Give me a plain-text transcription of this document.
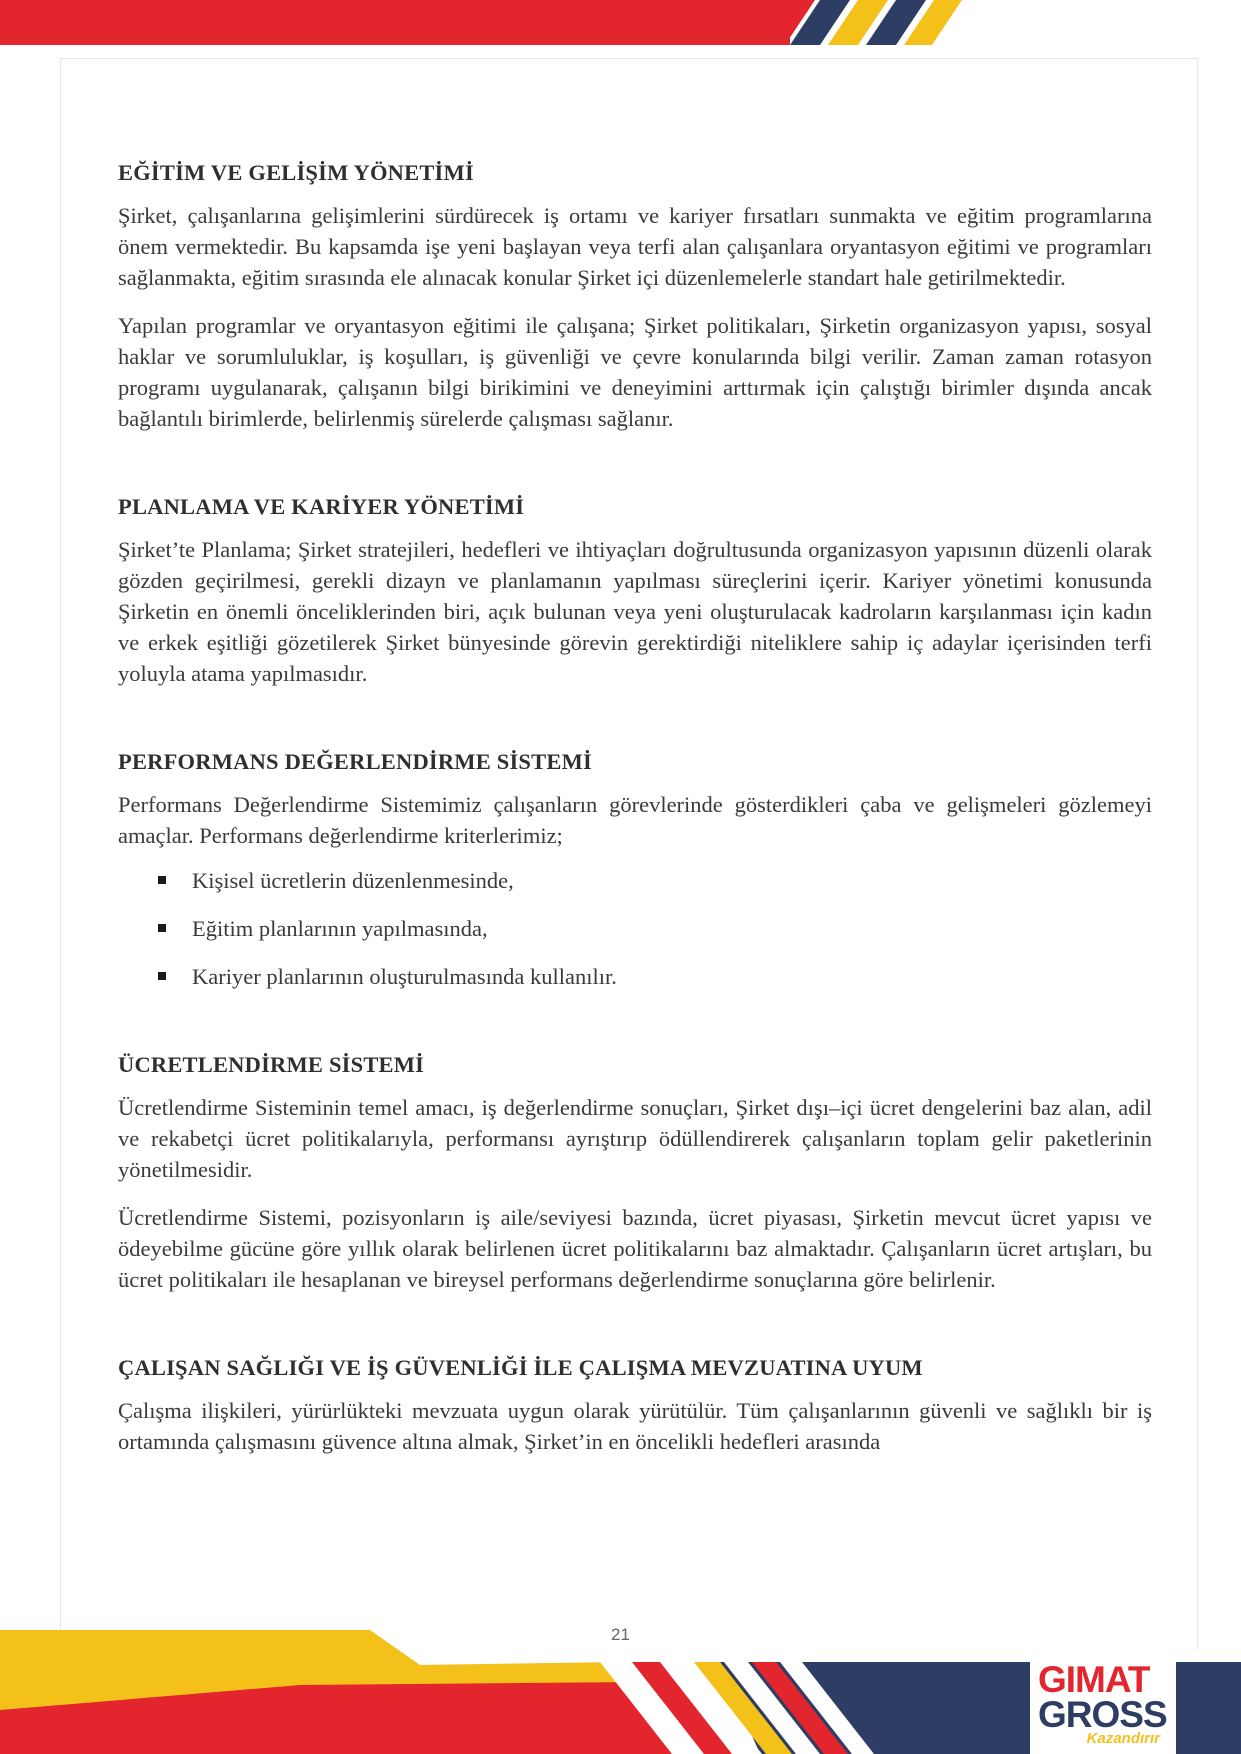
EĞİTİM VE GELİŞİM YÖNETİMİ

Şirket, çalışanlarına gelişimlerini sürdürecek iş ortamı ve kariyer fırsatları sunmakta ve eğitim programlarına önem vermektedir. Bu kapsamda işe yeni başlayan veya terfi alan çalışanlara oryantasyon eğitimi ve programları sağlanmakta, eğitim sırasında ele alınacak konular Şirket içi düzenlemelerle standart hale getirilmektedir.

Yapılan programlar ve oryantasyon eğitimi ile çalışana; Şirket politikaları, Şirketin organizasyon yapısı, sosyal haklar ve sorumluluklar, iş koşulları, iş güvenliği ve çevre konularında bilgi verilir. Zaman zaman rotasyon programı uygulanarak, çalışanın bilgi birikimini ve deneyimini arttırmak için çalıştığı birimler dışında ancak bağlantılı birimlerde, belirlenmiş sürelerde çalışması sağlanır.

PLANLAMA VE KARİYER YÖNETİMİ

Şirket’te Planlama; Şirket stratejileri, hedefleri ve ihtiyaçları doğrultusunda organizasyon yapısının düzenli olarak gözden geçirilmesi, gerekli dizayn ve planlamanın yapılması süreçlerini içerir. Kariyer yönetimi konusunda Şirketin en önemli önceliklerinden biri, açık bulunan veya yeni oluşturulacak kadroların karşılanması için kadın ve erkek eşitliği gözetilerek Şirket bünyesinde görevin gerektirdiği niteliklere sahip iç adaylar içerisinden terfi yoluyla atama yapılmasıdır.

PERFORMANS DEĞERLENDİRME SİSTEMİ

Performans Değerlendirme Sistemimiz çalışanların görevlerinde gösterdikleri çaba ve gelişmeleri gözlemeyi amaçlar. Performans değerlendirme kriterlerimiz;

Kişisel ücretlerin düzenlenmesinde,
Eğitim planlarının yapılmasında,
Kariyer planlarının oluşturulmasında kullanılır.
ÜCRETLENDİRME SİSTEMİ

Ücretlendirme Sisteminin temel amacı, iş değerlendirme sonuçları, Şirket dışı–içi ücret dengelerini baz alan, adil ve rekabetçi ücret politikalarıyla, performansı ayrıştırıp ödüllendirerek çalışanların toplam gelir paketlerinin yönetilmesidir.

Ücretlendirme Sistemi, pozisyonların iş aile/seviyesi bazında, ücret piyasası, Şirketin mevcut ücret yapısı ve ödeyebilme gücüne göre yıllık olarak belirlenen ücret politikalarını baz almaktadır. Çalışanların ücret artışları, bu ücret politikaları ile hesaplanan ve bireysel performans değerlendirme sonuçlarına göre belirlenir.

ÇALIŞAN SAĞLIĞI VE İŞ GÜVENLİĞİ İLE ÇALIŞMA MEVZUATINA UYUM

Çalışma ilişkileri, yürürlükteki mevzuata uygun olarak yürütülür. Tüm çalışanlarının güvenli ve sağlıklı bir iş ortamında çalışmasını güvence altına almak, Şirket’in en öncelikli hedefleri arasında

21
GIMAT
GROSS
Kazandırır
